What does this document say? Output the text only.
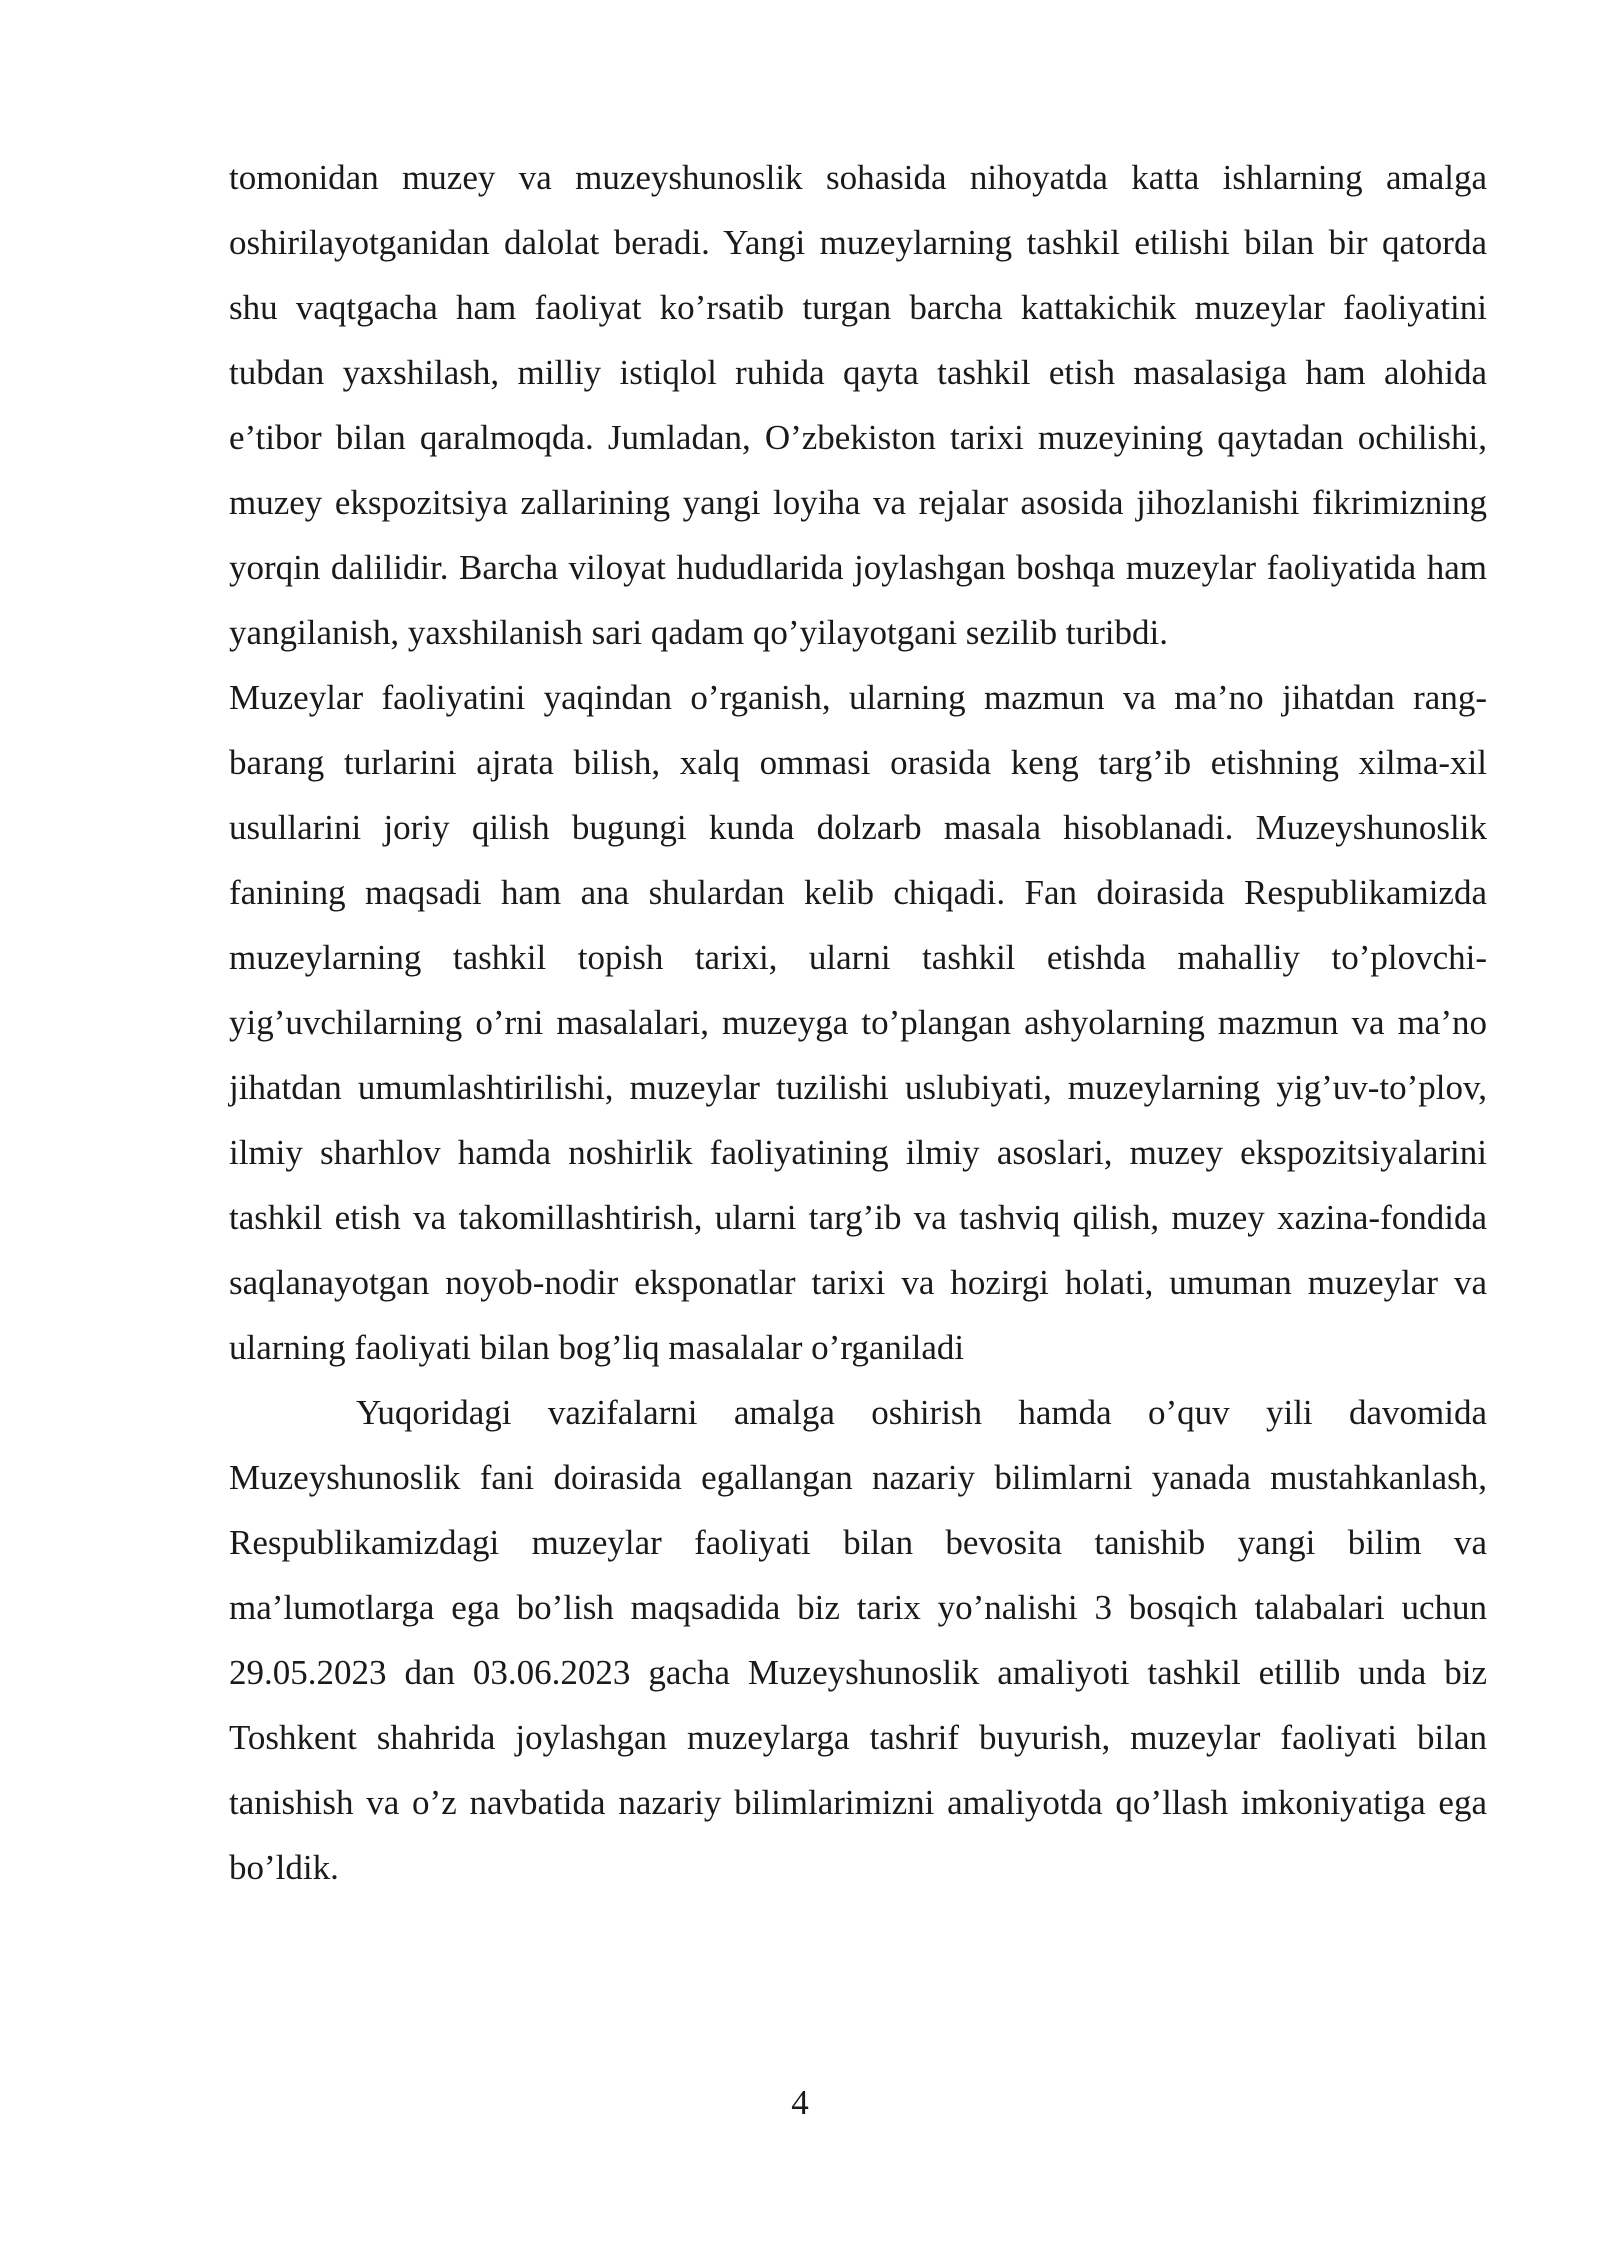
tomonidan muzey va muzeyshunoslik sohasida nihoyatda katta ishlarning amalga oshirilayotganidan dalolat beradi. Yangi muzeylarning tashkil etilishi bilan bir qatorda shu vaqtgacha ham faoliyat ko’rsatib turgan barcha kattakichik muzeylar faoliyatini tubdan yaxshilash, milliy istiqlol ruhida qayta tashkil etish masalasiga ham alohida e’tibor bilan qaralmoqda. Jumladan, O’zbekiston tarixi muzeyining qaytadan ochilishi, muzey ekspozitsiya zallarining yangi loyiha va rejalar asosida jihozlanishi fikrimizning yorqin dalilidir. Barcha viloyat hududlarida joylashgan boshqa muzeylar faoliyatida ham yangilanish, yaxshilanish sari qadam qo’yilayotgani sezilib turibdi.

Muzeylar faoliyatini yaqindan o’rganish, ularning mazmun va ma’no jihatdan rang-barang turlarini ajrata bilish, xalq ommasi orasida keng targ’ib etishning xilma-xil usullarini joriy qilish bugungi kunda dolzarb masala hisoblanadi. Muzeyshunoslik fanining maqsadi ham ana shulardan kelib chiqadi. Fan doirasida Respublikamizda muzeylarning tashkil topish tarixi, ularni tashkil etishda mahalliy to’plovchi-yig’uvchilarning o’rni masalalari, muzeyga to’plangan ashyolarning mazmun va ma’no jihatdan umumlashtirilishi, muzeylar tuzilishi uslubiyati, muzeylarning yig’uv-to’plov, ilmiy sharhlov hamda noshirlik faoliyatining ilmiy asoslari, muzey ekspozitsiyalarini tashkil etish va takomillashtirish, ularni targ’ib va tashviq qilish, muzey xazina-fondida saqlanayotgan noyob-nodir eksponatlar tarixi va hozirgi holati, umuman muzeylar va ularning faoliyati bilan bog’liq masalalar o’rganiladi

Yuqoridagi vazifalarni amalga oshirish hamda o’quv yili davomida Muzeyshunoslik fani doirasida egallangan nazariy bilimlarni yanada mustahkanlash, Respublikamizdagi muzeylar faoliyati bilan bevosita tanishib yangi bilim va ma’lumotlarga ega bo’lish maqsadida biz tarix yo’nalishi 3 bosqich talabalari uchun 29.05.2023 dan 03.06.2023 gacha Muzeyshunoslik amaliyoti tashkil etillib unda biz Toshkent shahrida joylashgan muzeylarga tashrif buyurish, muzeylar faoliyati bilan tanishish va o’z navbatida nazariy bilimlarimizni amaliyotda qo’llash imkoniyatiga ega bo’ldik.

4
